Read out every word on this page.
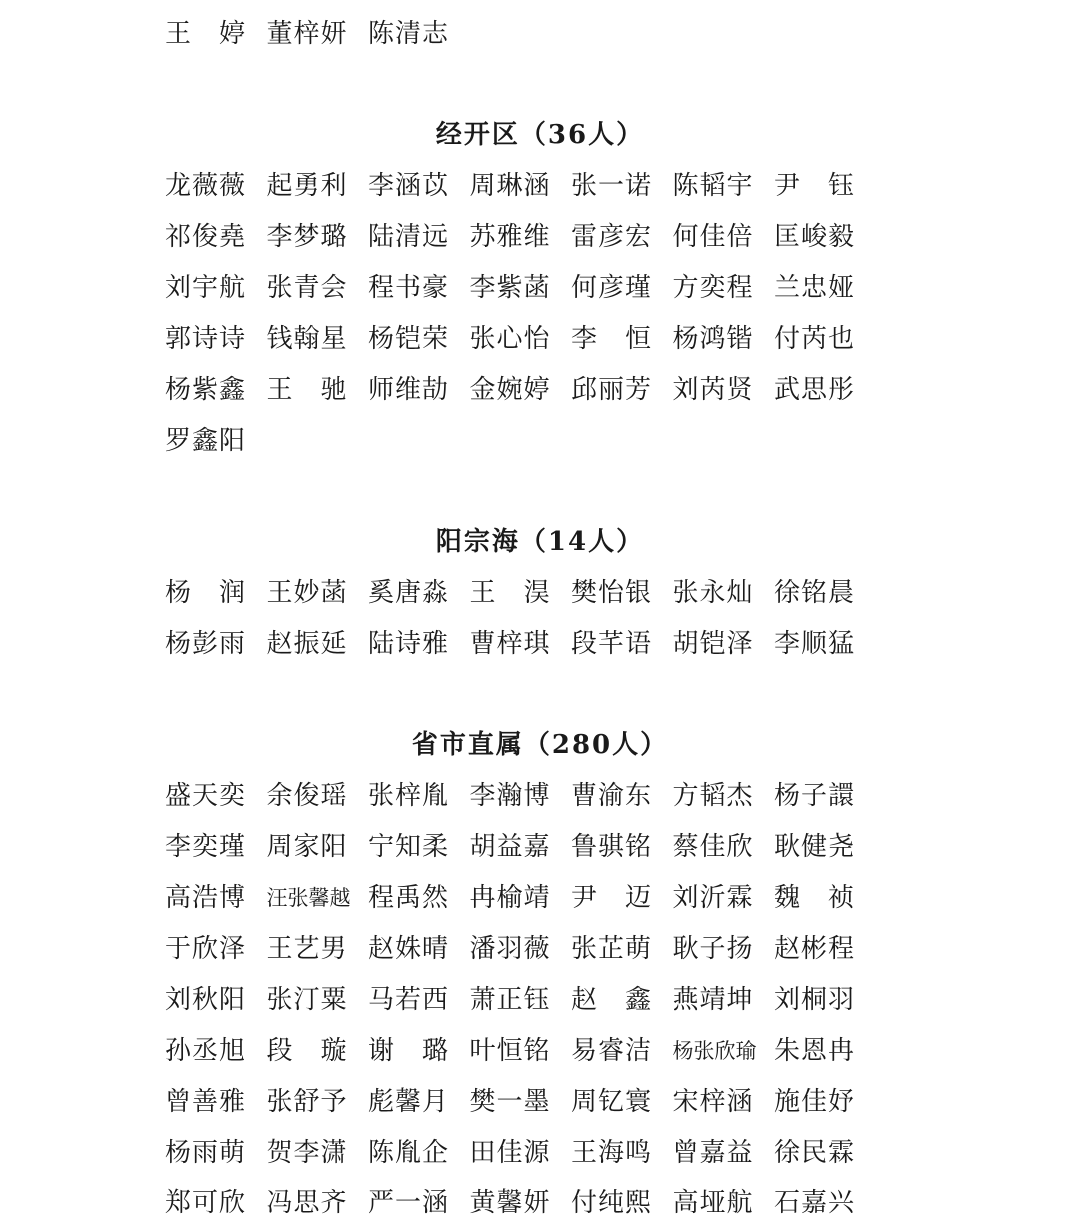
王　婷 董梓妍 陈清志
经开区（36人）
龙薇薇 起勇利 李涵苡 周琳涵 张一诺 陈韬宇 尹　钰
祁俊堯 李梦璐 陆清远 苏雅维 雷彦宏 何佳倍 匡峻毅
刘宇航 张青会 程书豪 李紫菡 何彦瑾 方奕程 兰忠娅
郭诗诗 钱翰星 杨铠荣 张心怡 李　恒 杨鸿锴 付芮也
杨紫鑫 王　驰 师维劼 金婉婷 邱丽芳 刘芮贤 武思彤
罗鑫阳
阳宗海（14人）
杨　润 王妙菡 奚唐淼 王　淏 樊怡银 张永灿 徐铭晨
杨彭雨 赵振延 陆诗雅 曹梓琪 段芊语 胡铠泽 李顺猛
省市直属（280人）
盛天奕 余俊瑶 张梓胤 李瀚博 曹渝东 方韬杰 杨子譞
李奕瑾 周家阳 宁知柔 胡益嘉 鲁骐铭 蔡佳欣 耿健尧
高浩博 汪张馨越 程禹然 冉榆靖 尹　迈 刘沂霖 魏　祯
于欣泽 王艺男 赵姝晴 潘羽薇 张芷萌 耿子扬 赵彬程
刘秋阳 张汀粟 马若西 萧正钰 赵　鑫 燕靖坤 刘桐羽
孙丞旭 段　璇 谢　璐 叶恒铭 易睿洁 杨张欣瑜 朱恩冉
曾善雅 张舒予 彪馨月 樊一墨 周钇寰 宋梓涵 施佳妤
杨雨萌 贺李潇 陈胤企 田佳源 王海鸣 曾嘉益 徐民霖
郑可欣 冯思齐 严一涵 黄馨妍 付纯熙 高垭航 石嘉兴
